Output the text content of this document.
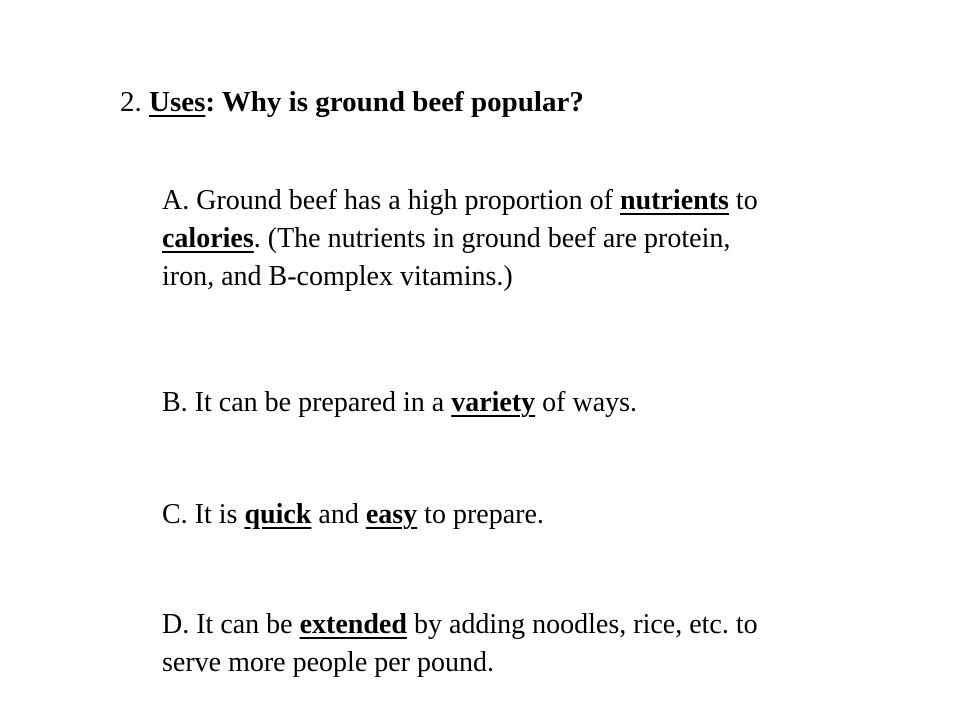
2. Uses: Why is ground beef popular?
A. Ground beef has a high proportion of nutrients to calories. (The nutrients in ground beef are protein, iron, and B-complex vitamins.)
B. It can be prepared in a variety of ways.
C. It is quick and easy to prepare.
D. It can be extended by adding noodles, rice, etc. to serve more people per pound.
